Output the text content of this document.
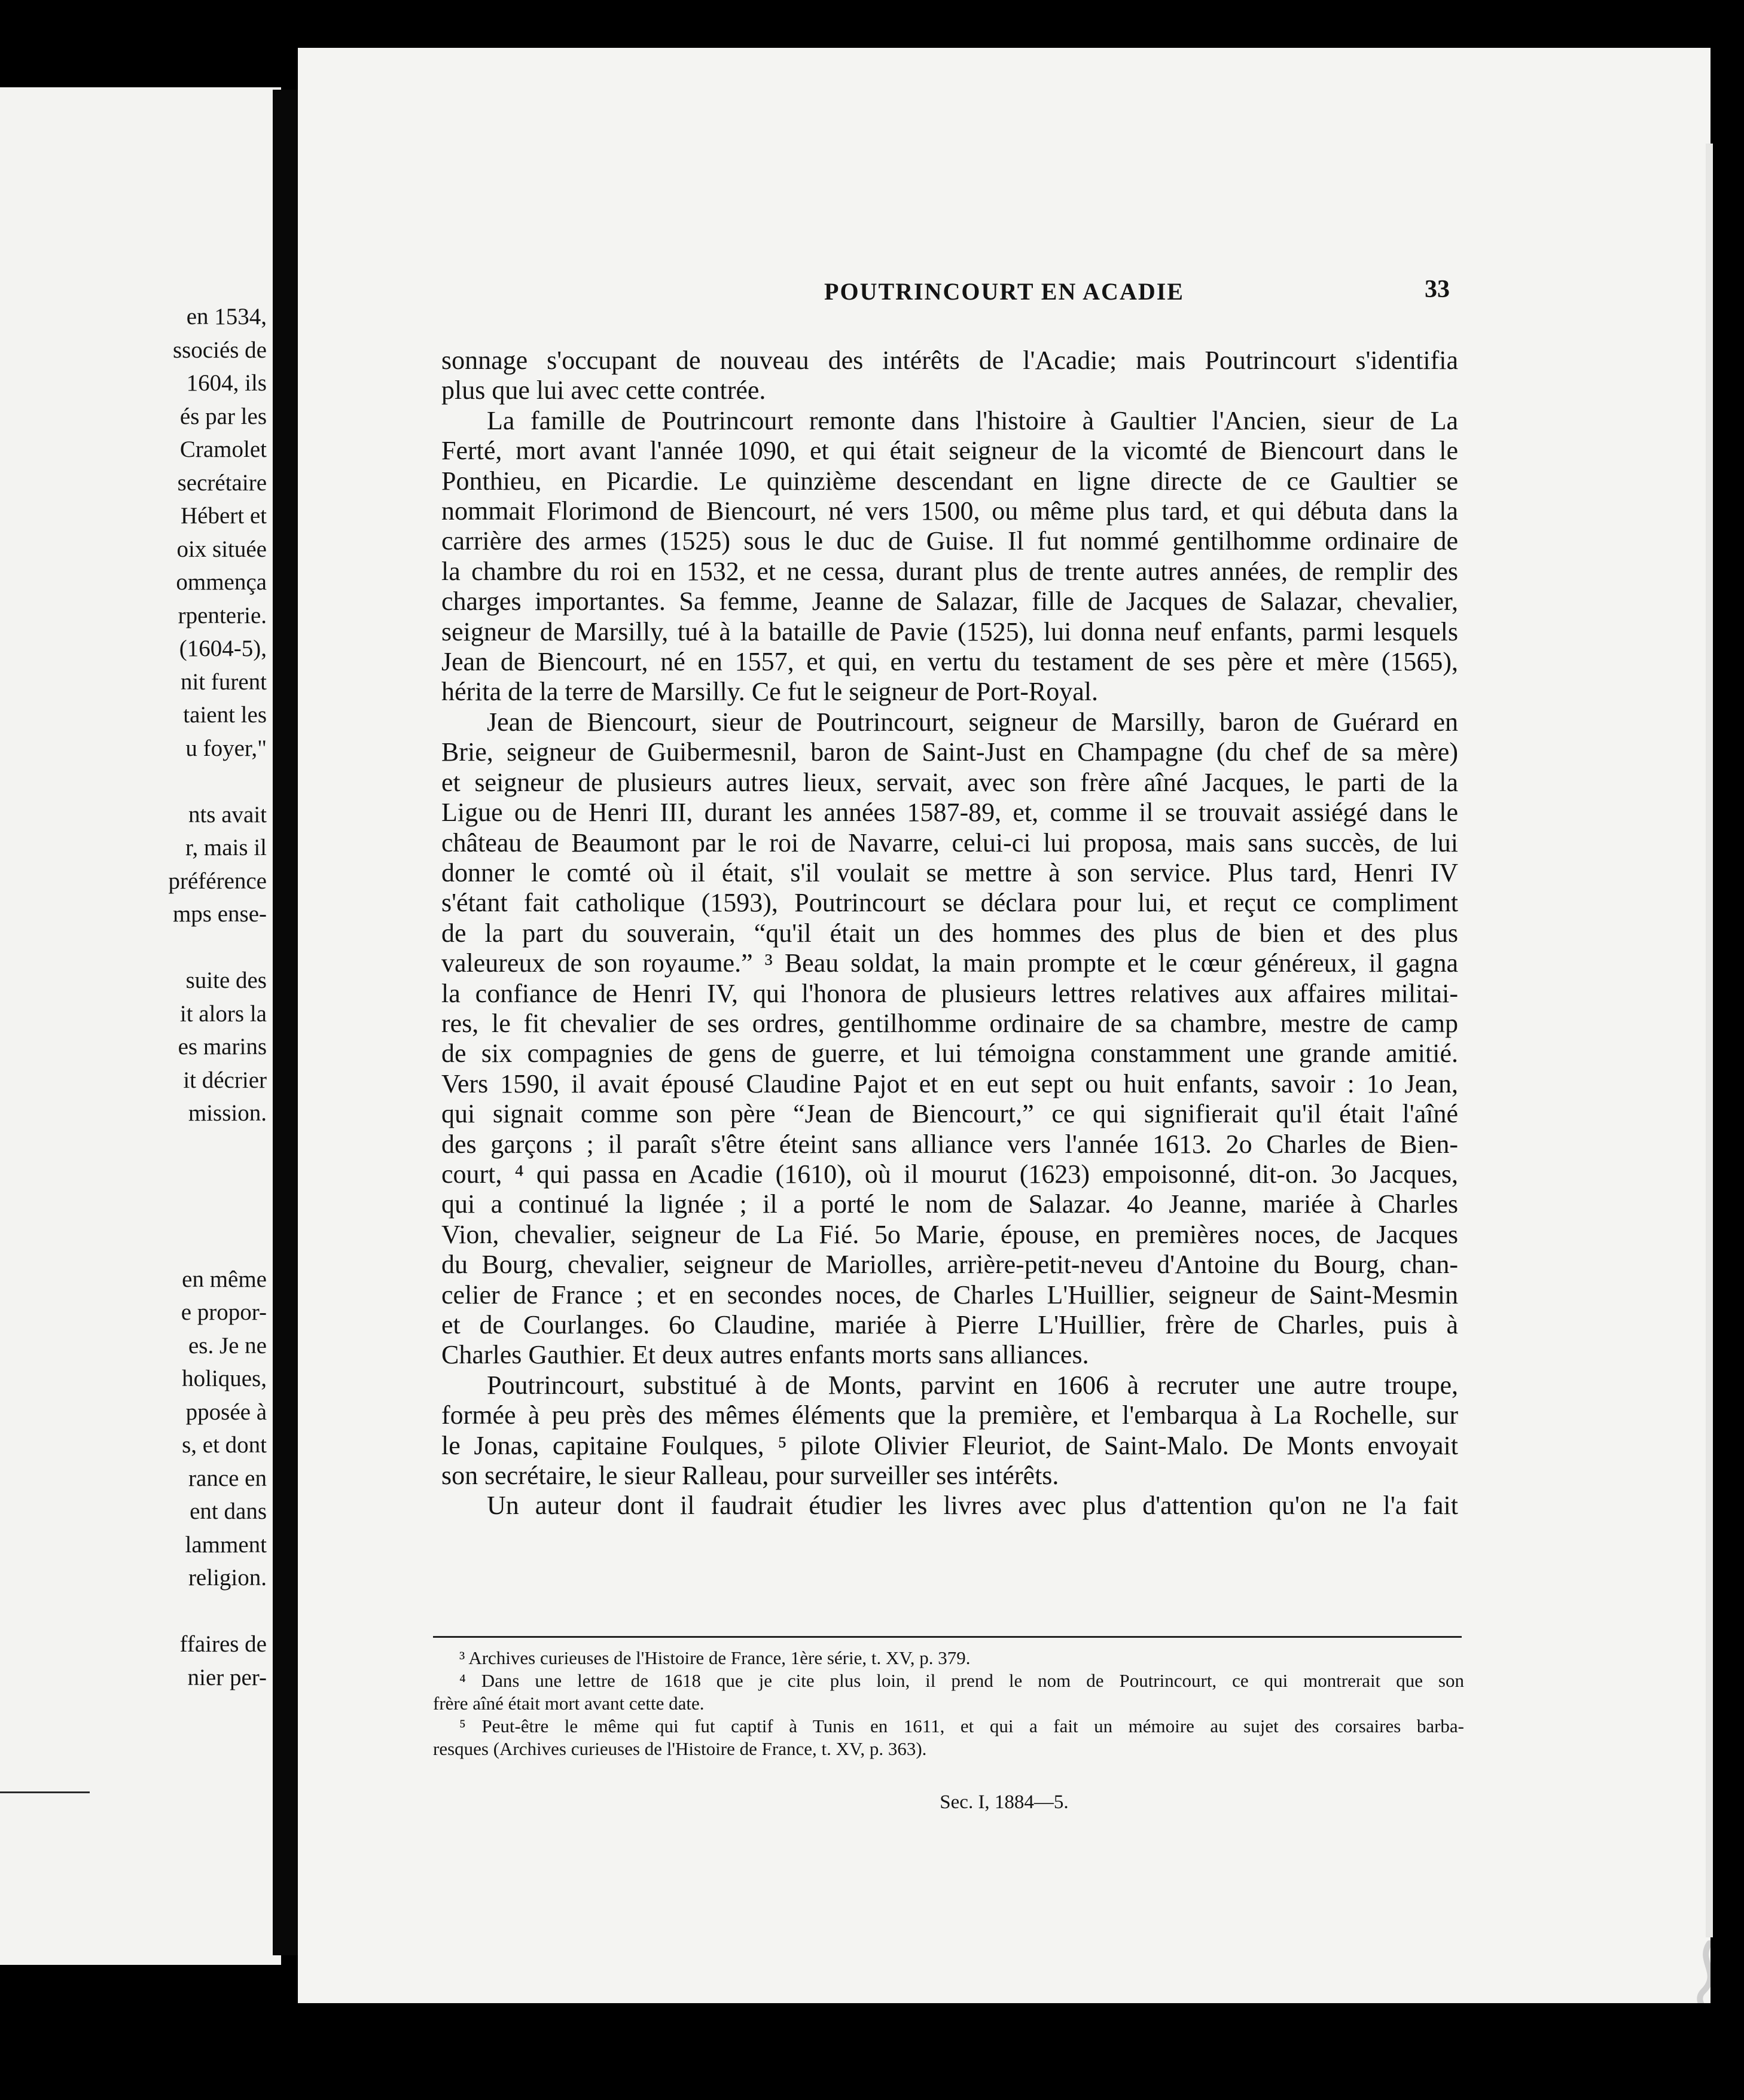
en 1534,
ssociés de
1604, ils
és par les
Cramolet
secrétaire
Hébert et
oix située
ommença
rpenterie.
(1604-5),
nit furent
taient les
u foyer,"
nts avait
r, mais il
préférence
mps ense-
suite des
it alors la
es marins
it décrier
mission.
en même
e propor-
es. Je ne
holiques,
pposée à
s, et dont
rance en
ent dans
lamment
religion.
ffaires de
nier per-
POUTRINCOURT EN ACADIE	33
sonnage s'occupant de nouveau des intérêts de l'Acadie; mais Poutrincourt s'identifia
plus que lui avec cette contrée.
La famille de Poutrincourt remonte dans l'histoire à Gaultier l'Ancien, sieur de La
Ferté, mort avant l'année 1090, et qui était seigneur de la vicomté de Biencourt dans le
Ponthieu, en Picardie. Le quinzième descendant en ligne directe de ce Gaultier se
nommait Florimond de Biencourt, né vers 1500, ou même plus tard, et qui débuta dans la
carrière des armes (1525) sous le duc de Guise. Il fut nommé gentilhomme ordinaire de
la chambre du roi en 1532, et ne cessa, durant plus de trente autres années, de remplir des
charges importantes. Sa femme, Jeanne de Salazar, fille de Jacques de Salazar, chevalier,
seigneur de Marsilly, tué à la bataille de Pavie (1525), lui donna neuf enfants, parmi lesquels
Jean de Biencourt, né en 1557, et qui, en vertu du testament de ses père et mère (1565),
hérita de la terre de Marsilly. Ce fut le seigneur de Port-Royal.
Jean de Biencourt, sieur de Poutrincourt, seigneur de Marsilly, baron de Guérard en
Brie, seigneur de Guibermesnil, baron de Saint-Just en Champagne (du chef de sa mère)
et seigneur de plusieurs autres lieux, servait, avec son frère aîné Jacques, le parti de la
Ligue ou de Henri III, durant les années 1587-89, et, comme il se trouvait assiégé dans le
château de Beaumont par le roi de Navarre, celui-ci lui proposa, mais sans succès, de lui
donner le comté où il était, s'il voulait se mettre à son service. Plus tard, Henri IV
s'étant fait catholique (1593), Poutrincourt se déclara pour lui, et reçut ce compliment
de la part du souverain, “qu'il était un des hommes des plus de bien et des plus
valeureux de son royaume.” ³ Beau soldat, la main prompte et le cœur généreux, il gagna
la confiance de Henri IV, qui l'honora de plusieurs lettres relatives aux affaires militai-
res, le fit chevalier de ses ordres, gentilhomme ordinaire de sa chambre, mestre de camp
de six compagnies de gens de guerre, et lui témoigna constamment une grande amitié.
Vers 1590, il avait épousé Claudine Pajot et en eut sept ou huit enfants, savoir : 1o Jean,
qui signait comme son père “Jean de Biencourt,” ce qui signifierait qu'il était l'aîné
des garçons ; il paraît s'être éteint sans alliance vers l'année 1613. 2o Charles de Bien-
court, ⁴ qui passa en Acadie (1610), où il mourut (1623) empoisonné, dit-on. 3o Jacques,
qui a continué la lignée ; il a porté le nom de Salazar. 4o Jeanne, mariée à Charles
Vion, chevalier, seigneur de La Fié. 5o Marie, épouse, en premières noces, de Jacques
du Bourg, chevalier, seigneur de Mariolles, arrière-petit-neveu d'Antoine du Bourg, chan-
celier de France ; et en secondes noces, de Charles L'Huillier, seigneur de Saint-Mesmin
et de Courlanges. 6o Claudine, mariée à Pierre L'Huillier, frère de Charles, puis à
Charles Gauthier. Et deux autres enfants morts sans alliances.
Poutrincourt, substitué à de Monts, parvint en 1606 à recruter une autre troupe,
formée à peu près des mêmes éléments que la première, et l'embarqua à La Rochelle, sur
le Jonas, capitaine Foulques, ⁵ pilote Olivier Fleuriot, de Saint-Malo. De Monts envoyait
son secrétaire, le sieur Ralleau, pour surveiller ses intérêts.
Un auteur dont il faudrait étudier les livres avec plus d'attention qu'on ne l'a fait
³ Archives curieuses de l'Histoire de France, 1ère série, t. XV, p. 379.
⁴ Dans une lettre de 1618 que je cite plus loin, il prend le nom de Poutrincourt, ce qui montrerait que son
frère aîné était mort avant cette date.
⁵ Peut-être le même qui fut captif à Tunis en 1611, et qui a fait un mémoire au sujet des corsaires barba-
resques (Archives curieuses de l'Histoire de France, t. XV, p. 363).
Sec. I, 1884—5.
